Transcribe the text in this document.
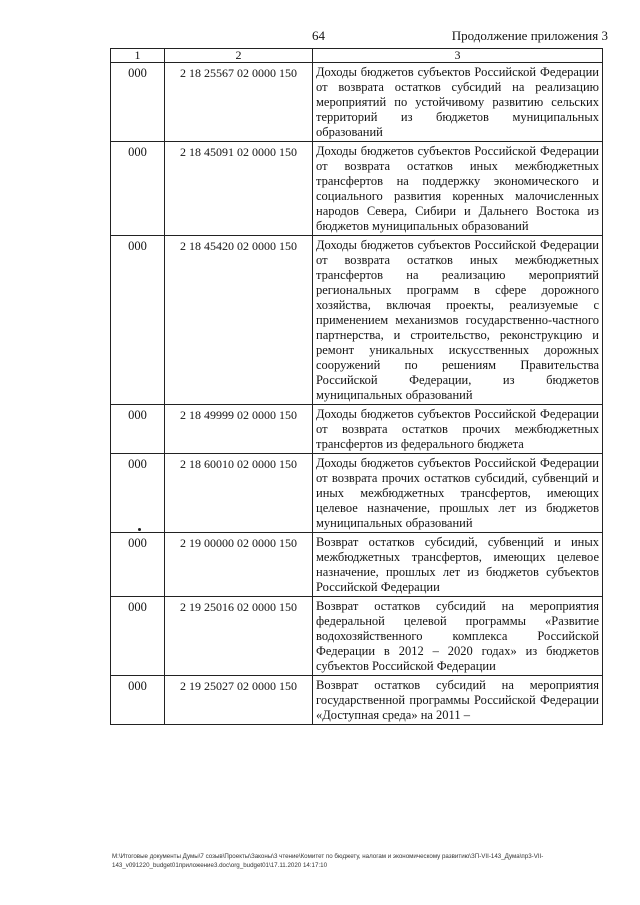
64	Продолжение приложения 3
1	2	3
000	2 18 25567 02 0000 150	Доходы бюджетов субъектов Российской Федерации от возврата остатков субсидий на реализацию мероприятий по устойчивому развитию сельских территорий из бюджетов муниципальных образований
000	2 18 45091 02 0000 150	Доходы бюджетов субъектов Российской Федерации от возврата остатков иных межбюджетных трансфертов на поддержку экономического и социального развития коренных малочисленных народов Севера, Сибири и Дальнего Востока из бюджетов муниципальных образований
000	2 18 45420 02 0000 150	Доходы бюджетов субъектов Российской Федерации от возврата остатков иных межбюджетных трансфертов на реализацию мероприятий региональных программ в сфере дорожного хозяйства, включая проекты, реализуемые с применением механизмов государственно-частного партнерства, и строительство, реконструкцию и ремонт уникальных искусственных дорожных сооружений по решениям Правительства Российской Федерации, из бюджетов муниципальных образований
000	2 18 49999 02 0000 150	Доходы бюджетов субъектов Российской Федерации от возврата остатков прочих межбюджетных трансфертов из федерального бюджета
000	2 18 60010 02 0000 150	Доходы бюджетов субъектов Российской Федерации от возврата прочих остатков субсидий, субвенций и иных межбюджетных трансфертов, имеющих целевое назначение, прошлых лет из бюджетов муниципальных образований
000	2 19 00000 02 0000 150	Возврат остатков субсидий, субвенций и иных межбюджетных трансфертов, имеющих целевое назначение, прошлых лет из бюджетов субъектов Российской Федерации
000	2 19 25016 02 0000 150	Возврат остатков субсидий на мероприятия федеральной целевой программы «Развитие водохозяйственного комплекса Российской Федерации в 2012 – 2020 годах» из бюджетов субъектов Российской Федерации
000	2 19 25027 02 0000 150	Возврат остатков субсидий на мероприятия государственной программы Российской Федерации «Доступная среда» на 2011 –
M:\Итоговые документы Думы\7 созыв\Проекты\Законы\3 чтение\Комитет по бюджету, налогам и экономическому развитию\ЗП-VII-143_Дума\пр3-VII-
143_v091220_budget01приложение3.doc\org_budget01\17.11.2020 14:17:10
